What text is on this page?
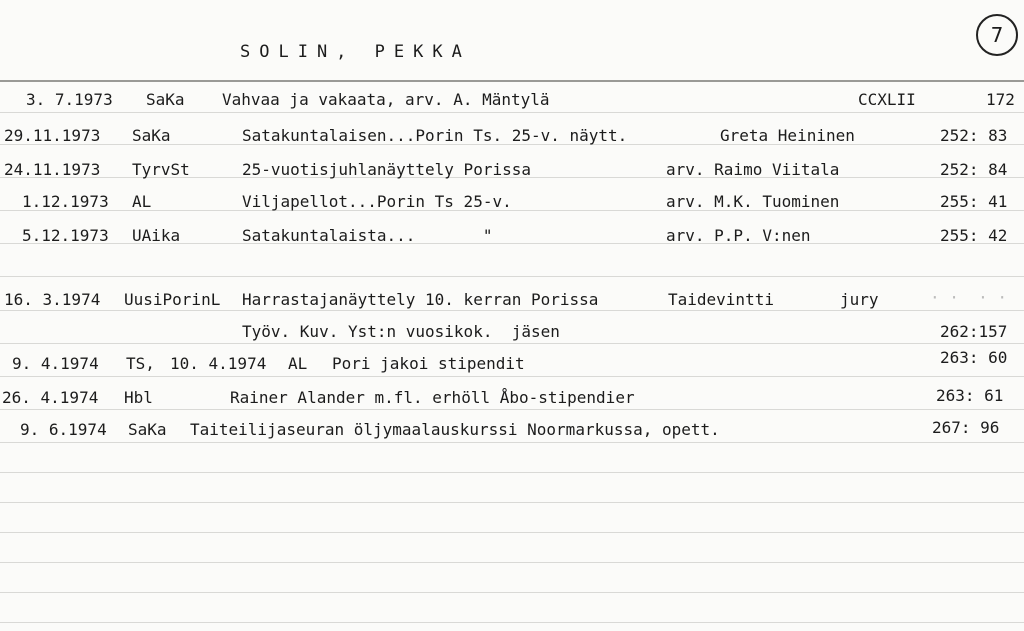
SOLIN, PEKKA
7
3. 7.1973 SaKa Vahvaa ja vakaata, arv. A. Mäntylä	CCXLII	172
29.11.1973 SaKa	Satakuntalaisen...Porin Ts. 25-v. näytt.	Greta Heininen	252: 83
24.11.1973 TyrvSt	25-vuotisjuhlanäyttely Porissa	arv. Raimo Viitala	252: 84
1.12.1973 AL	Viljapellot...Porin Ts 25-v.	arv. M.K. Tuominen	255: 41
5.12.1973 UAika	Satakuntalaista...       "	arv. P.P. V:nen	255: 42
16. 3.1974 UusiPorinL Harrastajanäyttely 10. kerran Porissa	Taidevintti	jury	· ·  · ·
Työv. Kuv. Yst:n vuosikok.  jäsen	262:157
9. 4.1974 TS, 10. 4.1974 AL Pori jakoi stipendit	263: 60
26. 4.1974 Hbl	Rainer Alander m.fl. erhöll Åbo-stipendier	263: 61
9. 6.1974 SaKa Taiteilijaseuran öljymaalauskurssi Noormarkussa, opett.	267: 96
